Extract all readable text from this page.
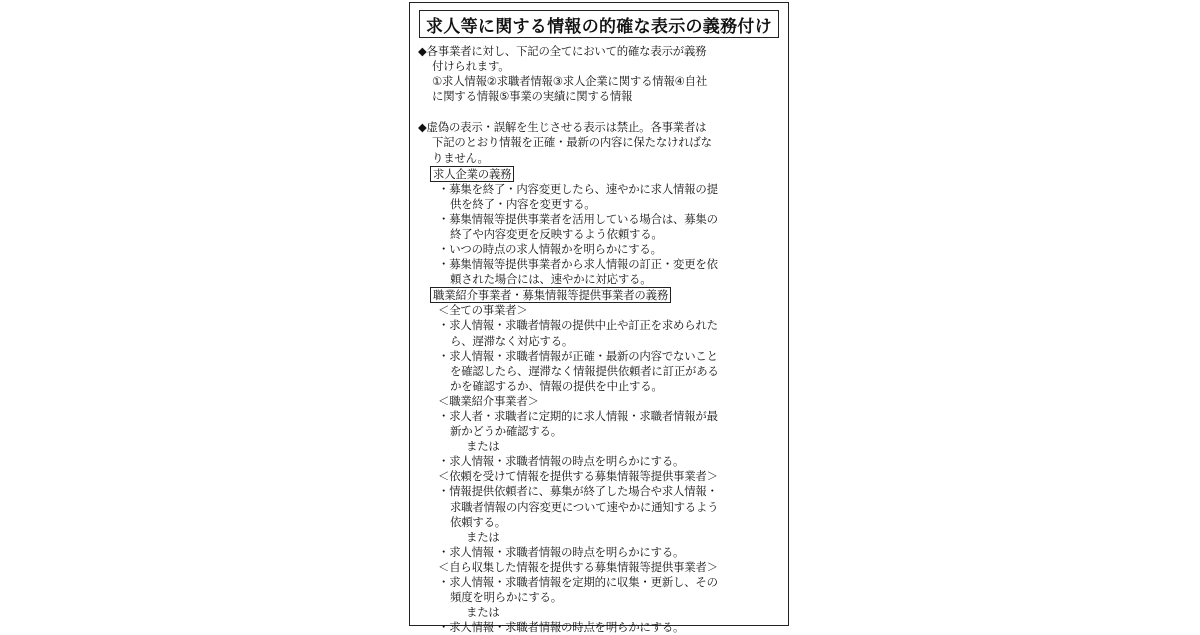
求人等に関する情報の的確な表示の義務付け
◆各事業者に対し、下記の全てにおいて的確な表示が義務
付けられます。
①求人情報②求職者情報③求人企業に関する情報④自社
に関する情報⑤事業の実績に関する情報
◆虚偽の表示・誤解を生じさせる表示は禁止。各事業者は
下記のとおり情報を正確・最新の内容に保たなければな
りません。
求人企業の義務
・募集を終了・内容変更したら、速やかに求人情報の提
供を終了・内容を変更する。
・募集情報等提供事業者を活用している場合は、募集の
終了や内容変更を反映するよう依頼する。
・いつの時点の求人情報かを明らかにする。
・募集情報等提供事業者から求人情報の訂正・変更を依
頼された場合には、速やかに対応する。
職業紹介事業者・募集情報等提供事業者の義務
＜全ての事業者＞
・求人情報・求職者情報の提供中止や訂正を求められた
ら、遅滞なく対応する。
・求人情報・求職者情報が正確・最新の内容でないこと
を確認したら、遅滞なく情報提供依頼者に訂正がある
かを確認するか、情報の提供を中止する。
＜職業紹介事業者＞
・求人者・求職者に定期的に求人情報・求職者情報が最
新かどうか確認する。
または
・求人情報・求職者情報の時点を明らかにする。
＜依頼を受けて情報を提供する募集情報等提供事業者＞
・情報提供依頼者に、募集が終了した場合や求人情報・
求職者情報の内容変更について速やかに通知するよう
依頼する。
または
・求人情報・求職者情報の時点を明らかにする。
＜自ら収集した情報を提供する募集情報等提供事業者＞
・求人情報・求職者情報を定期的に収集・更新し、その
頻度を明らかにする。
または
・求人情報・求職者情報の時点を明らかにする。
